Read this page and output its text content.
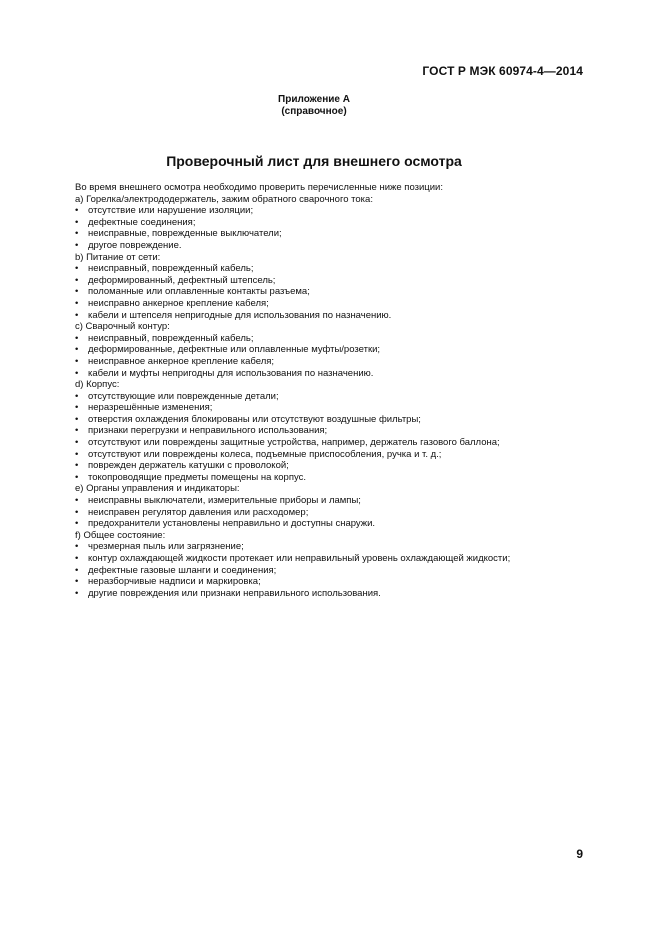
ГОСТ Р МЭК 60974-4—2014
Приложение А
(справочное)
Проверочный лист для внешнего осмотра

Во время внешнего осмотра необходимо проверить перечисленные ниже позиции:

a) Горелка/электрододержатель, зажим обратного сварочного тока:

• отсутствие или нарушение изоляции;
• дефектные соединения;
• неисправные, поврежденные выключатели;
• другое повреждение.

b) Питание от сети:

• неисправный, поврежденный кабель;
• деформированный, дефектный штепсель;
• поломанные или оплавленные контакты разъема;
• неисправно анкерное крепление кабеля;
• кабели и штепселя непригодные для использования по назначению.

c) Сварочный контур:

• неисправный, поврежденный кабель;
• деформированные, дефектные или оплавленные муфты/розетки;
• неисправное анкерное крепление кабеля;
• кабели и муфты непригодны для использования по назначению.

d) Корпус:

• отсутствующие или поврежденные детали;
• неразрешённые изменения;
• отверстия охлаждения блокированы или отсутствуют воздушные фильтры;
• признаки перегрузки и неправильного использования;
• отсутствуют или повреждены защитные устройства, например, держатель газового баллона;
• отсутствуют или повреждены колеса, подъемные приспособления, ручка и т. д.;
• поврежден держатель катушки с проволокой;
• токопроводящие предметы помещены на корпус.

e) Органы управления и индикаторы:

• неисправны выключатели, измерительные приборы и лампы;
• неисправен регулятор давления или расходомер;
• предохранители установлены неправильно и доступны снаружи.

f) Общее состояние:

• чрезмерная пыль или загрязнение;
• контур охлаждающей жидкости протекает или неправильный уровень охлаждающей жидкости;
• дефектные газовые шланги и соединения;
• неразборчивые надписи и маркировка;
• другие повреждения или признаки неправильного использования.
9
